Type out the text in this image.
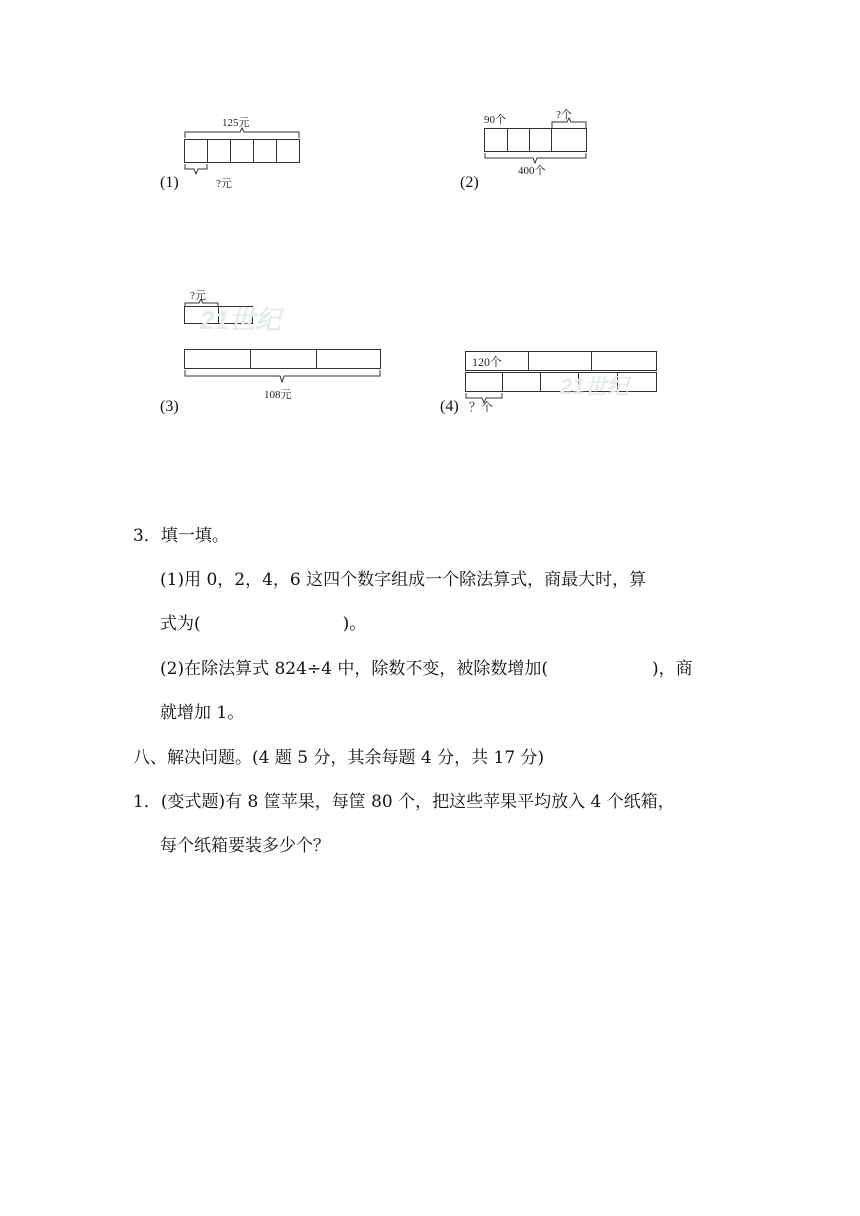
125元
?元
(1)
90个	?个
400个
(2)
?元
21世纪
108元
(3)
120个
21世纪
？个
(4)
3．填一填。
(1)用 0，2，4，6 这四个数字组成一个除法算式，商最大时，算
式为(	)。
(2)在除法算式 824÷4 中，除数不变，被除数增加(	)，商
就增加 1。
八、解决问题。(4 题 5 分，其余每题 4 分，共 17 分)
1．(变式题)有 8 筐苹果，每筐 80 个，把这些苹果平均放入 4 个纸箱，
每个纸箱要装多少个？
